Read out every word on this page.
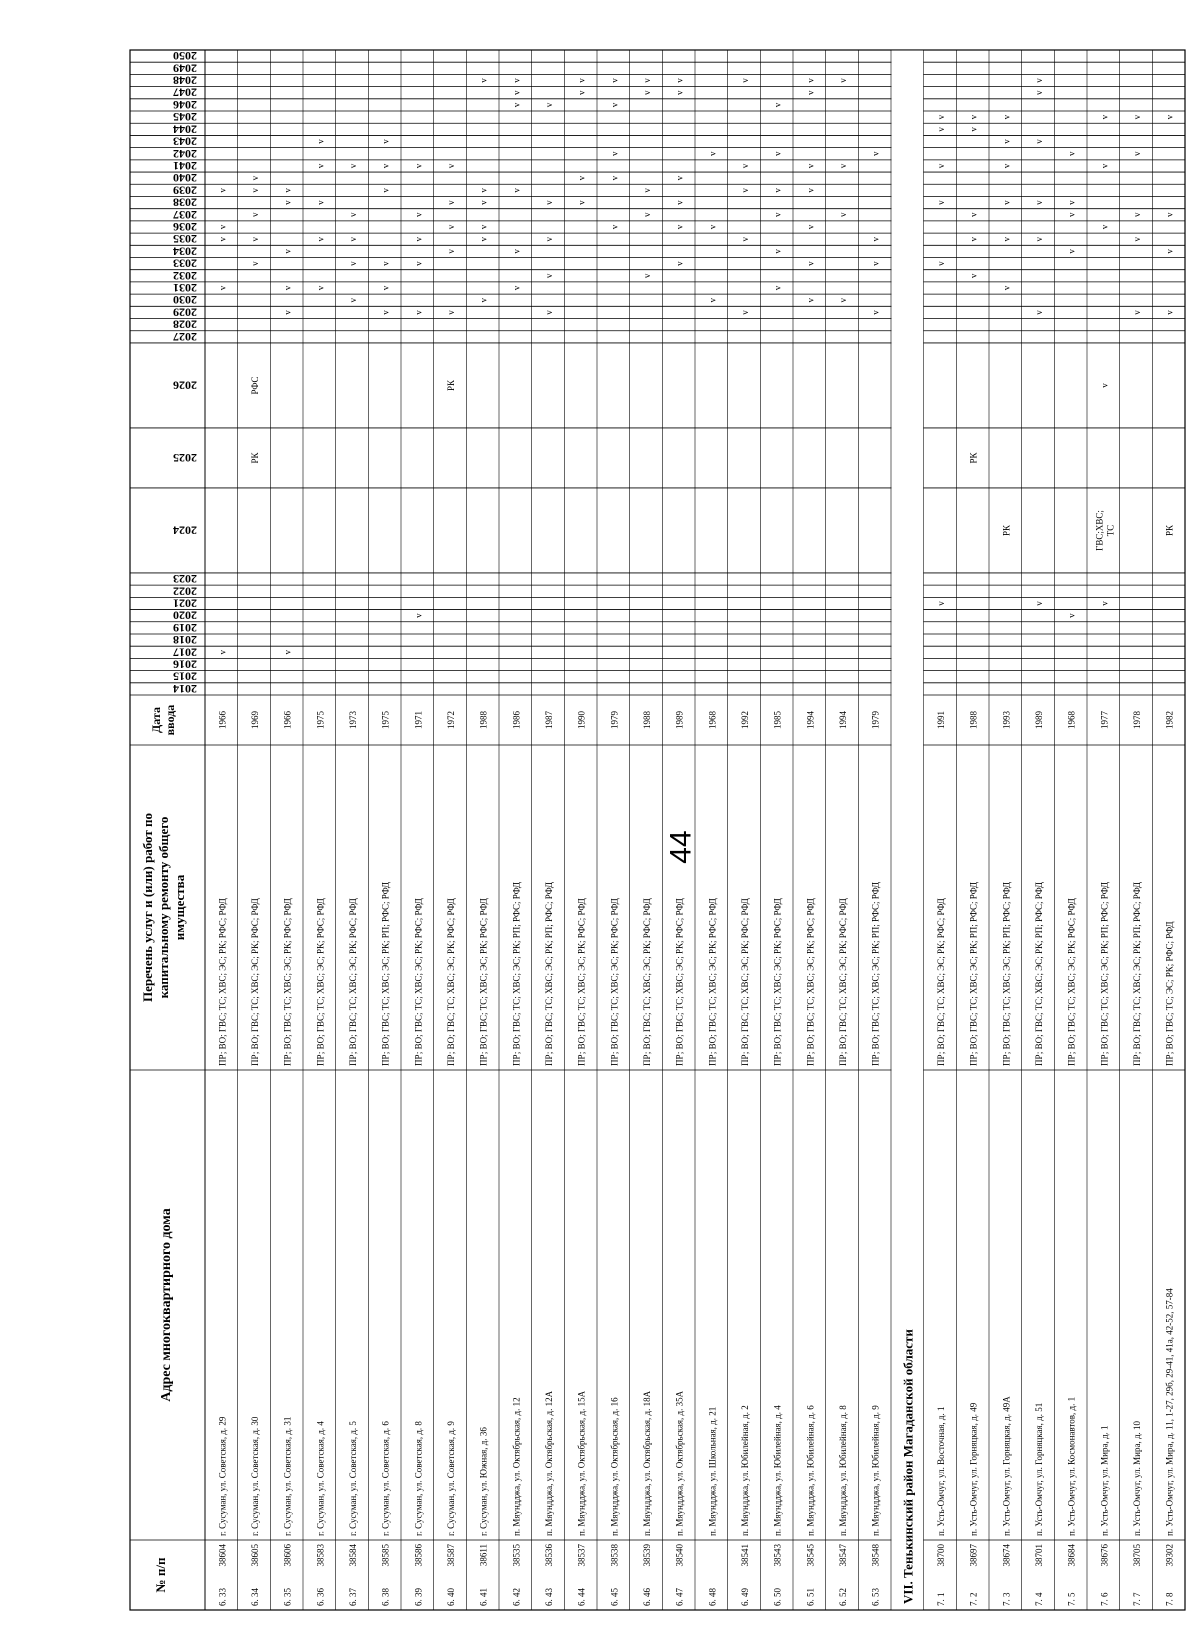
44
№ п/п
Адрес многоквартирного дома
Перечень услуг и (или) работ покапитальному ремонту общегоимущества
Датаввода
2014
2015
2016
2017
2018
2019
2020
2021
2022
2023
2024
2025
2026
2027
2028
2029
2030
2031
2032
2033
2034
2035
2036
2037
2038
2039
2040
2041
2042
2043
2044
2045
2046
2047
2048
2049
2050
6. 33
38604
г. Сусуман, ул. Советская, д. 29
ПР; ВО; ГВС; ТС; ХВС; ЭС; РК; РФС; РФД
1966
v
v
v
v
v
6. 34
38605
г. Сусуман, ул. Советская, д. 30
ПР; ВО; ГВС; ТС; ХВС; ЭС; РК; РФС; РФД
1969
РК
РФС
v
v
v
v
v
6. 35
38606
г. Сусуман, ул. Советская, д. 31
ПР; ВО; ГВС; ТС; ХВС; ЭС; РК; РФС; РФД
1966
v
v
v
v
v
v
6. 36
38583
г. Сусуман, ул. Советская, д. 4
ПР; ВО; ГВС; ТС; ХВС; ЭС; РК; РФС; РФД
1975
v
v
v
v
v
6. 37
38584
г. Сусуман, ул. Советская, д. 5
ПР; ВО; ГВС; ТС; ХВС; ЭС; РК; РФС; РФД
1973
v
v
v
v
v
6. 38
38585
г. Сусуман, ул. Советская, д. 6
ПР; ВО; ГВС; ТС; ХВС; ЭС; РК; РП; РФС; РФД
1975
v
v
v
v
v
v
6. 39
38586
г. Сусуман, ул. Советская, д. 8
ПР; ВО; ГВС; ТС; ХВС; ЭС; РК; РФС; РФД
1971
v
v
v
v
v
v
6. 40
38587
г. Сусуман, ул. Советская, д. 9
ПР; ВО; ГВС; ТС; ХВС; ЭС; РК; РФС; РФД
1972
РК
v
v
v
v
v
6. 41
38611
г. Сусуман, ул. Южная, д. 36
ПР; ВО; ГВС; ТС; ХВС; ЭС; РК; РФС; РФД
1988
v
v
v
v
v
v
6. 42
38535
п. Мяундджа, ул. Октябрьская, д. 12
ПР; ВО; ГВС; ТС; ХВС; ЭС; РК; РП; РФС; РФД
1986
v
v
v
v
v
v
6. 43
38536
п. Мяундджа, ул. Октябрьская, д. 12А
ПР; ВО; ГВС; ТС; ХВС; ЭС; РК; РП; РФС; РФД
1987
v
v
v
v
v
6. 44
38537
п. Мяундджа, ул. Октябрьская, д. 15А
ПР; ВО; ГВС; ТС; ХВС; ЭС; РК; РФС; РФД
1990
v
v
v
v
6. 45
38538
п. Мяундджа, ул. Октябрьская, д. 16
ПР; ВО; ГВС; ТС; ХВС; ЭС; РК; РФС; РФД
1979
v
v
v
v
v
6. 46
38539
п. Мяундджа, ул. Октябрьская, д. 18А
ПР; ВО; ГВС; ТС; ХВС; ЭС; РК; РФС; РФД
1988
v
v
v
v
v
6. 47
38540
п. Мяундджа, ул. Октябрьская, д. 35А
ПР; ВО; ГВС; ТС; ХВС; ЭС; РК; РФС; РФД
1989
v
v
v
v
v
v
6. 48
п. Мяундджа, ул. Школьная, д. 21
ПР; ВО; ГВС; ТС; ХВС; ЭС; РК; РФС; РФД
1968
v
v
v
6. 49
38541
п. Мяундджа, ул. Юбилейная, д. 2
ПР; ВО; ГВС; ТС; ХВС; ЭС; РК; РФС; РФД
1992
v
v
v
v
v
6. 50
38543
п. Мяундджа, ул. Юбилейная, д. 4
ПР; ВО; ГВС; ТС; ХВС; ЭС; РК; РФС; РФД
1985
v
v
v
v
v
v
6. 51
38545
п. Мяундджа, ул. Юбилейная, д. 6
ПР; ВО; ГВС; ТС; ХВС; ЭС; РК; РФС; РФД
1994
v
v
v
v
v
v
v
6. 52
38547
п. Мяундджа, ул. Юбилейная, д. 8
ПР; ВО; ГВС; ТС; ХВС; ЭС; РК; РФС; РФД
1994
v
v
v
v
6. 53
38548
п. Мяундджа, ул. Юбилейная, д. 9
ПР; ВО; ГВС; ТС; ХВС; ЭС; РК; РП; РФС; РФД
1979
v
v
v
v
VII. Тенькинский район Магаданской области 7. 1
38700
п. Усть-Омчуг, ул. Восточная, д. 1
ПР; ВО; ГВС; ТС; ХВС; ЭС; РК; РФС; РФД
1991
v
v
v
v
v
v
7. 2
38697
п. Усть-Омчуг, ул. Горняцкая, д. 49
ПР; ВО; ГВС; ТС; ХВС; ЭС; РК; РП; РФС; РФД
1988
РК
v
v
v
v
v
7. 3
38674
п. Усть-Омчуг, ул. Горняцкая, д. 49А
ПР; ВО; ГВС; ТС; ХВС; ЭС; РК; РП; РФС; РФД
1993
РК
v
v
v
v
v
v
7. 4
38701
п. Усть-Омчуг, ул. Горняцкая, д. 51
ПР; ВО; ГВС; ТС; ХВС; ЭС; РК; РП; РФС; РФД
1989
v
v
v
v
v
v
v
7. 5
38684
п. Усть-Омчуг, ул. Космонавтов, д. 1
ПР; ВО; ГВС; ТС; ХВС; ЭС; РК; РФС; РФД
1968
v
v
v
v
v
7. 6
38676
п. Усть-Омчуг, ул. Мира, д. 1
ПР; ВО; ГВС; ТС; ХВС; ЭС; РК; РП; РФС; РФД
1977
v
ГВС;ХВС; ТС
v
v
v
v
7. 7
38705
п. Усть-Омчуг, ул. Мира, д. 10
ПР; ВО; ГВС; ТС; ХВС; ЭС; РК; РП; РФС; РФД
1978
v
v
v
v
v
7. 8
39302
п. Усть-Омчуг, ул. Мира, д. 11, 1-27, 29б, 29-41, 41а, 42-52, 57-84
ПР; ВО; ГВС; ТС; ЭС; РК; РФС; РФД
1982
РК
v
v
v
v
